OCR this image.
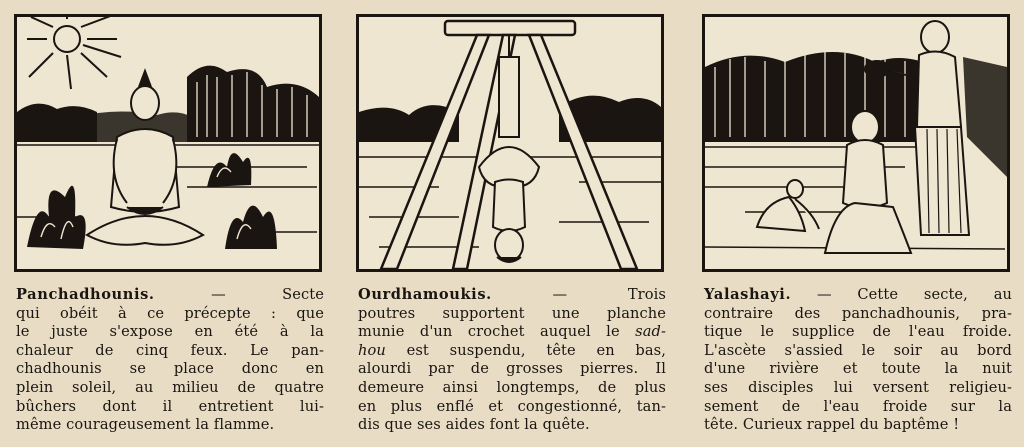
Panchadhounis.	— Secte

qui obéit à ce précepte : que

le juste s'expose en été à la

chaleur de cinq feux. Le pan-

chadhounis se place donc en

plein soleil, au milieu de quatre

bûchers dont il entretient lui-

même courageusement la flamme.

Ourdhamoukis.	— Trois

poutres supportent une planche

munie d'un crochet auquel le sad-

hou est suspendu, tête en bas,

alourdi par de grosses pierres. Il

demeure ainsi longtemps, de plus

en plus enflé et congestionné, tan-

dis que ses aides font la quête.

Yalashayi. — Cette secte, au

contraire des panchadhounis, pra-

tique le supplice de l'eau froide.

L'ascète s'assied le soir au bord

d'une rivière et toute la nuit

ses disciples lui versent religieu-

sement de l'eau froide sur la

tête. Curieux rappel du baptême !
